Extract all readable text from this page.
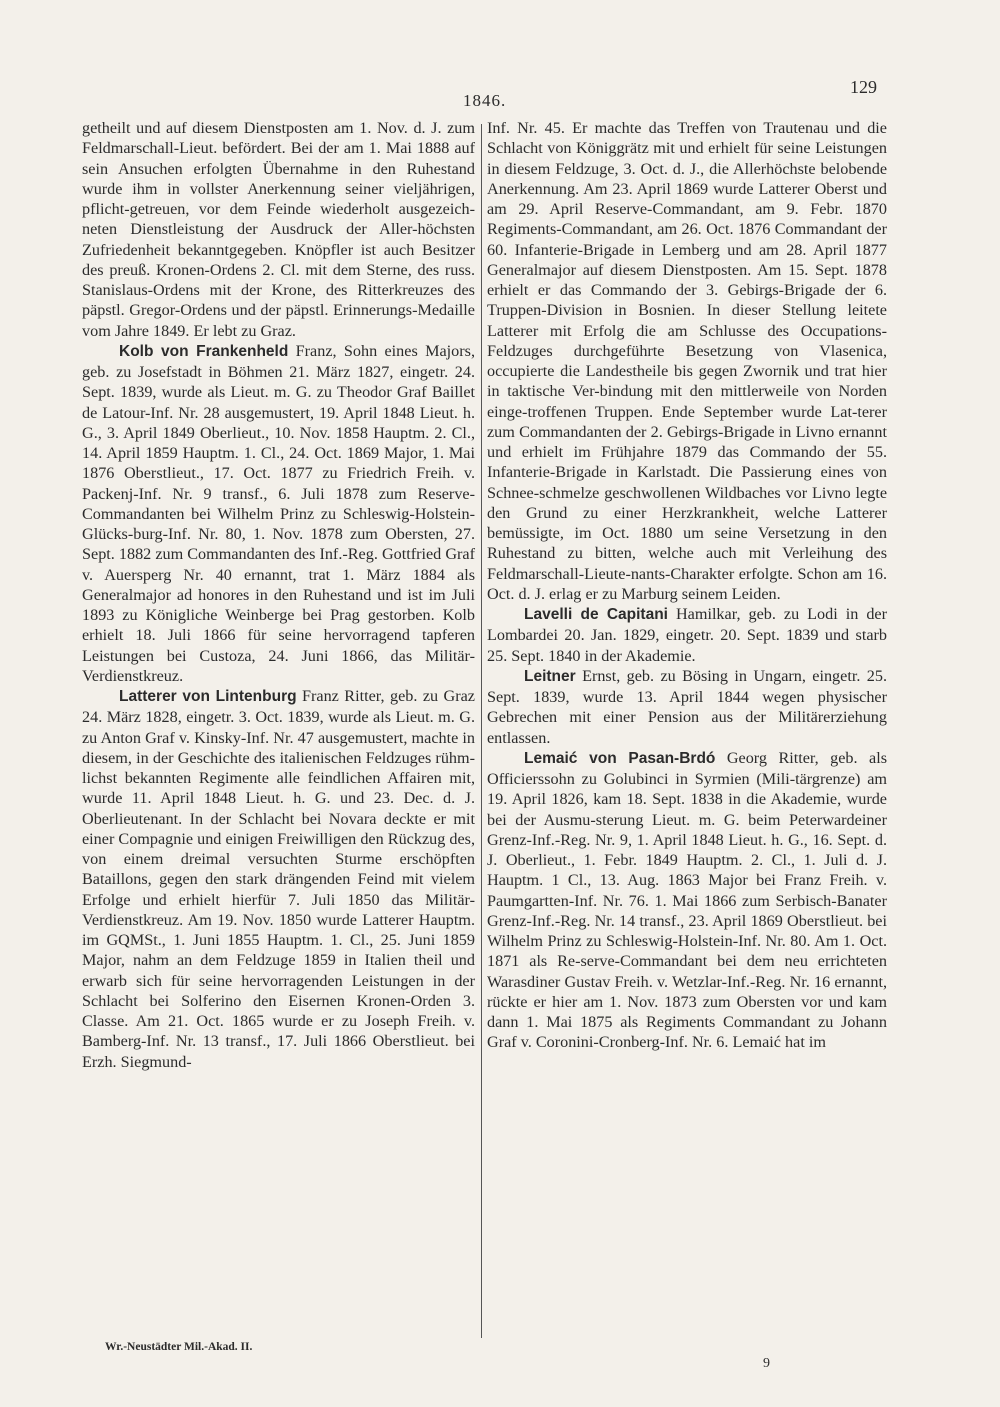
1846.
129

getheilt und auf diesem Dienstposten am 1. Nov. d. J. zum Feldmarschall-Lieut. befördert. Bei der am 1. Mai 1888 auf sein Ansuchen erfolgten Übernahme in den Ruhestand wurde ihm in vollster Anerkennung seiner vieljährigen, pflicht-getreuen, vor dem Feinde wiederholt ausgezeich-neten Dienstleistung der Ausdruck der Aller-höchsten Zufriedenheit bekanntgegeben. Knöpfler ist auch Besitzer des preuß. Kronen-Ordens 2. Cl. mit dem Sterne, des russ. Stanislaus-Ordens mit der Krone, des Ritterkreuzes des päpstl. Gregor-Ordens und der päpstl. Erinnerungs-Medaille vom Jahre 1849. Er lebt zu Graz.

Kolb von Frankenheld Franz, Sohn eines Majors, geb. zu Josefstadt in Böhmen 21. März 1827, eingetr. 24. Sept. 1839, wurde als Lieut. m. G. zu Theodor Graf Baillet de Latour-Inf. Nr. 28 ausgemustert, 19. April 1848 Lieut. h. G., 3. April 1849 Oberlieut., 10. Nov. 1858 Hauptm. 2. Cl., 14. April 1859 Hauptm. 1. Cl., 24. Oct. 1869 Major, 1. Mai 1876 Oberstlieut., 17. Oct. 1877 zu Friedrich Freih. v. Packenj-Inf. Nr. 9 transf., 6. Juli 1878 zum Reserve-Commandanten bei Wilhelm Prinz zu Schleswig-Holstein-Glücks-burg-Inf. Nr. 80, 1. Nov. 1878 zum Obersten, 27. Sept. 1882 zum Commandanten des Inf.-Reg. Gottfried Graf v. Auersperg Nr. 40 ernannt, trat 1. März 1884 als Generalmajor ad honores in den Ruhestand und ist im Juli 1893 zu Königliche Weinberge bei Prag gestorben. Kolb erhielt 18. Juli 1866 für seine hervorragend tapferen Leistungen bei Custoza, 24. Juni 1866, das Militär-Verdienstkreuz.

Latterer von Lintenburg Franz Ritter, geb. zu Graz 24. März 1828, eingetr. 3. Oct. 1839, wurde als Lieut. m. G. zu Anton Graf v. Kinsky-Inf. Nr. 47 ausgemustert, machte in diesem, in der Geschichte des italienischen Feldzuges rühm-lichst bekannten Regimente alle feindlichen Affairen mit, wurde 11. April 1848 Lieut. h. G. und 23. Dec. d. J. Oberlieutenant. In der Schlacht bei Novara deckte er mit einer Compagnie und einigen Freiwilligen den Rückzug des, von einem dreimal versuchten Sturme erschöpften Bataillons, gegen den stark drängenden Feind mit vielem Erfolge und erhielt hierfür 7. Juli 1850 das Militär-Verdienstkreuz. Am 19. Nov. 1850 wurde Latterer Hauptm. im GQMSt., 1. Juni 1855 Hauptm. 1. Cl., 25. Juni 1859 Major, nahm an dem Feldzuge 1859 in Italien theil und erwarb sich für seine hervorragenden Leistungen in der Schlacht bei Solferino den Eisernen Kronen-Orden 3. Classe. Am 21. Oct. 1865 wurde er zu Joseph Freih. v. Bamberg-Inf. Nr. 13 transf., 17. Juli 1866 Oberstlieut. bei Erzh. Siegmund-

Inf. Nr. 45. Er machte das Treffen von Trautenau und die Schlacht von Königgrätz mit und erhielt für seine Leistungen in diesem Feldzuge, 3. Oct. d. J., die Allerhöchste belobende Anerkennung. Am 23. April 1869 wurde Latterer Oberst und am 29. April Reserve-Commandant, am 9. Febr. 1870 Regiments-Commandant, am 26. Oct. 1876 Commandant der 60. Infanterie-Brigade in Lemberg und am 28. April 1877 Generalmajor auf diesem Dienstposten. Am 15. Sept. 1878 erhielt er das Commando der 3. Gebirgs-Brigade der 6. Truppen-Division in Bosnien. In dieser Stellung leitete Latterer mit Erfolg die am Schlusse des Occupations-Feldzuges durchgeführte Besetzung von Vlasenica, occupierte die Landestheile bis gegen Zwornik und trat hier in taktische Ver-bindung mit den mittlerweile von Norden einge-troffenen Truppen. Ende September wurde Lat-terer zum Commandanten der 2. Gebirgs-Brigade in Livno ernannt und erhielt im Frühjahre 1879 das Commando der 55. Infanterie-Brigade in Karlstadt. Die Passierung eines von Schnee-schmelze geschwollenen Wildbaches vor Livno legte den Grund zu einer Herzkrankheit, welche Latterer bemüssigte, im Oct. 1880 um seine Versetzung in den Ruhestand zu bitten, welche auch mit Verleihung des Feldmarschall-Lieute-nants-Charakter erfolgte. Schon am 16. Oct. d. J. erlag er zu Marburg seinem Leiden.

Lavelli de Capitani Hamilkar, geb. zu Lodi in der Lombardei 20. Jan. 1829, eingetr. 20. Sept. 1839 und starb 25. Sept. 1840 in der Akademie.

Leitner Ernst, geb. zu Bösing in Ungarn, eingetr. 25. Sept. 1839, wurde 13. April 1844 wegen physischer Gebrechen mit einer Pension aus der Militärerziehung entlassen.

Lemaić von Pasan-Brdó Georg Ritter, geb. als Officierssohn zu Golubinci in Syrmien (Mili-tärgrenze) am 19. April 1826, kam 18. Sept. 1838 in die Akademie, wurde bei der Ausmu-sterung Lieut. m. G. beim Peterwardeiner Grenz-Inf.-Reg. Nr. 9, 1. April 1848 Lieut. h. G., 16. Sept. d. J. Oberlieut., 1. Febr. 1849 Hauptm. 2. Cl., 1. Juli d. J. Hauptm. 1 Cl., 13. Aug. 1863 Major bei Franz Freih. v. Paumgartten-Inf. Nr. 76. 1. Mai 1866 zum Serbisch-Banater Grenz-Inf.-Reg. Nr. 14 transf., 23. April 1869 Oberstlieut. bei Wilhelm Prinz zu Schleswig-Holstein-Inf. Nr. 80. Am 1. Oct. 1871 als Re-serve-Commandant bei dem neu errichteten Warasdiner Gustav Freih. v. Wetzlar-Inf.-Reg. Nr. 16 ernannt, rückte er hier am 1. Nov. 1873 zum Obersten vor und kam dann 1. Mai 1875 als Regiments Commandant zu Johann Graf v. Coronini-Cronberg-Inf. Nr. 6. Lemaić hat im

Wr.-Neustädter Mil.-Akad. II.
9
